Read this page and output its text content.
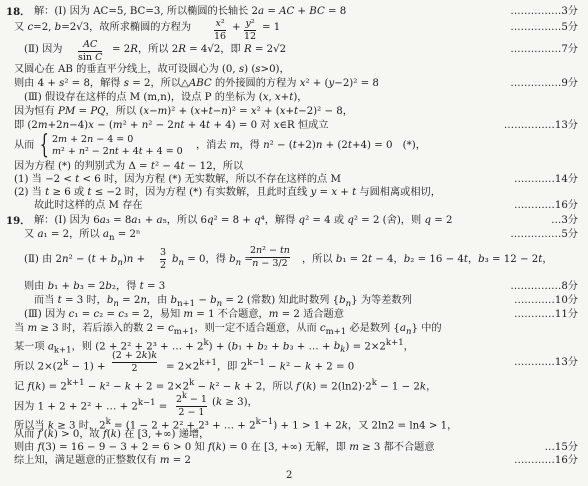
18． 解：(Ⅰ) 因为 AC=5, BC=3, 所以椭圆的长轴长 2a = AC + BC = 8	……………3分
又 c=2, b=2√3，故所求椭圆的方程为	x²
16
+ y²
12
= 1	……………5分
(Ⅱ) 因为 AC
sin C
= 2R，所以 2R = 4√2，即 R = 2√2	……………7分
又圆心在 AB 的垂直平分线上，故可设圆心为 (0, s) (s>0)，
则由 4 + s² = 8，解得 s = 2，所以△ABC 的外接圆的方程为 x² + (y−2)² = 8	……………9分
(Ⅲ) 假设存在这样的点 M (m,n)，设点 P 的坐标为 (x, x+t)，
因为恒有 PM = PQ，所以 (x−m)² + (x+t−n)² = x² + (x+t−2)² − 8，
即 (2m+2n−4)x − (m² + n² − 2nt + 4t + 4) = 0 对 x∈R 恒成立	……………13分
从而 { 2m + 2n − 4 = 0
m² + n² − 2nt + 4t + 4 = 0
，消去 m，得 n² − (t+2)n + (2t+4) = 0　(*)，
因为方程 (*) 的判别式为 Δ = t² − 4t − 12，所以
(1) 当 −2 < t < 6 时，因为方程 (*) 无实数解，所以不存在这样的点 M	…………14分
(2) 当 t ≥ 6 或 t ≤ −2 时，因为方程 (*) 有实数解，且此时直线 y = x + t 与圆相离或相切，
故此时这样的点 M 存在	…………16分
19． 解：(Ⅰ) 因为 6a₃ = 8a₁ + a₅，所以 6q² = 8 + q⁴，解得 q² = 4 或 q² = 2 (舍)，则 q = 2	…3分
又 a₁ = 2，所以 $a_n = 2^n$	……………5分
(Ⅱ) 由 $2n^2 - (t + b_n)n$ +
3
2
$b_n = 0$，得 $b_n$ =
2n² − tn
n − 3/2 ，所以 b₁ = 2t − 4，b₂ = 16 − 4t，b₃ = 12 − 2t，
则由 b₁ + b₃ = 2b₂，得 t = 3	……………8分
而当 t = 3 时，$b_n = 2n$，由 $b_{n+1} - b_n = 2$ (常数) 知此时数列 $\{b_n\}$ 为等差数列	…………10分
(Ⅲ) 因为 c₁ = c₂ = c₃ = 2，易知 m = 1 不合题意，m = 2 适合题意	…………11分
当 m ≥ 3 时，若后添入的数 $2 = c_{m+1}$，则一定不适合题意，从而 $c_{m+1}$ 必是数列 $\{a_n\}$ 中的
某一项 $a_{k+1}$，则 (2 + 2² + 2³ + … + $2^k) + (b_1 + b_2 + b_3$ + … + $b_k) = 2\times 2^{k+1}$，
所以 $2\times(2^k - 1)$ +
(2 + 2k)k
2	= $2\times 2^{k+1}$，即 $2^{k-1} - k^2 - k + 2 = 0$	…………13分
记 $f(k) = 2^{k+1} - k^2 - k + 2 = 2\times 2^k - k^2 - k + 2$，所以 $f'(k) = 2(\ln 2)\cdot 2^k - 1 - 2k$，
因为 1 + 2 + 2² + … + $2^{k-1}$ =
$2^k - 1$
2 − 1
(k ≥ 3)，
所以当 k ≥ 3 时，$2^k = (1 - 2 + 2^2 + 2^3$ + … + $2^{k-1}) + 1 > 1 + 2k$，又 2ln2 = ln4 > 1，
从而 f′(k) > 0，故 f(k) 在 [3, +∞) 递增，
则由 f(3) = 16 − 9 − 3 + 2 = 6 > 0 知 f(k) = 0 在 [3, +∞) 无解，即 m ≥ 3 都不合题意	…15分
综上知，满足题意的正整数仅有 m = 2	…………16分
2
